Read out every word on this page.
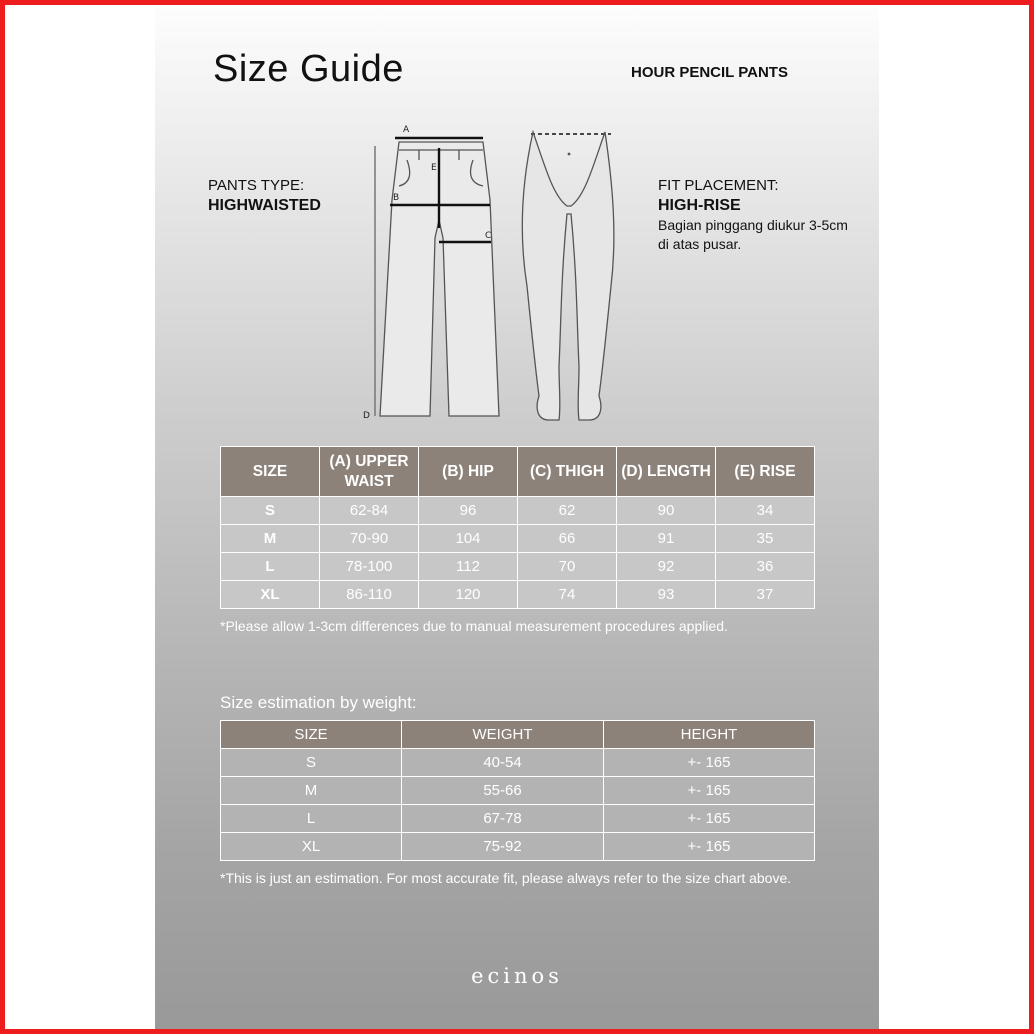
Size Guide	HOUR PENCIL PANTS
PANTS TYPE:
HIGHWAISTED
FIT PLACEMENT:
HIGH-RISE
Bagian pinggang diukur 3-5cm di atas pusar.
A
B
C
D
E
SIZE	(A) UPPER WAIST	(B) HIP	(C) THIGH	(D) LENGTH	(E) RISE
S	62-84	96	62	90	34
M	70-90	104	66	91	35
L	78-100	112	70	92	36
XL	86-110	120	74	93	37
*Please allow 1-3cm differences due to manual measurement procedures applied.
Size estimation by weight:
SIZE	WEIGHT	HEIGHT
S	40-54	+- 165
M	55-66	+- 165
L	67-78	+- 165
XL	75-92	+- 165
*This is just an estimation. For most accurate fit, please always refer to the size chart above.
ecinos
